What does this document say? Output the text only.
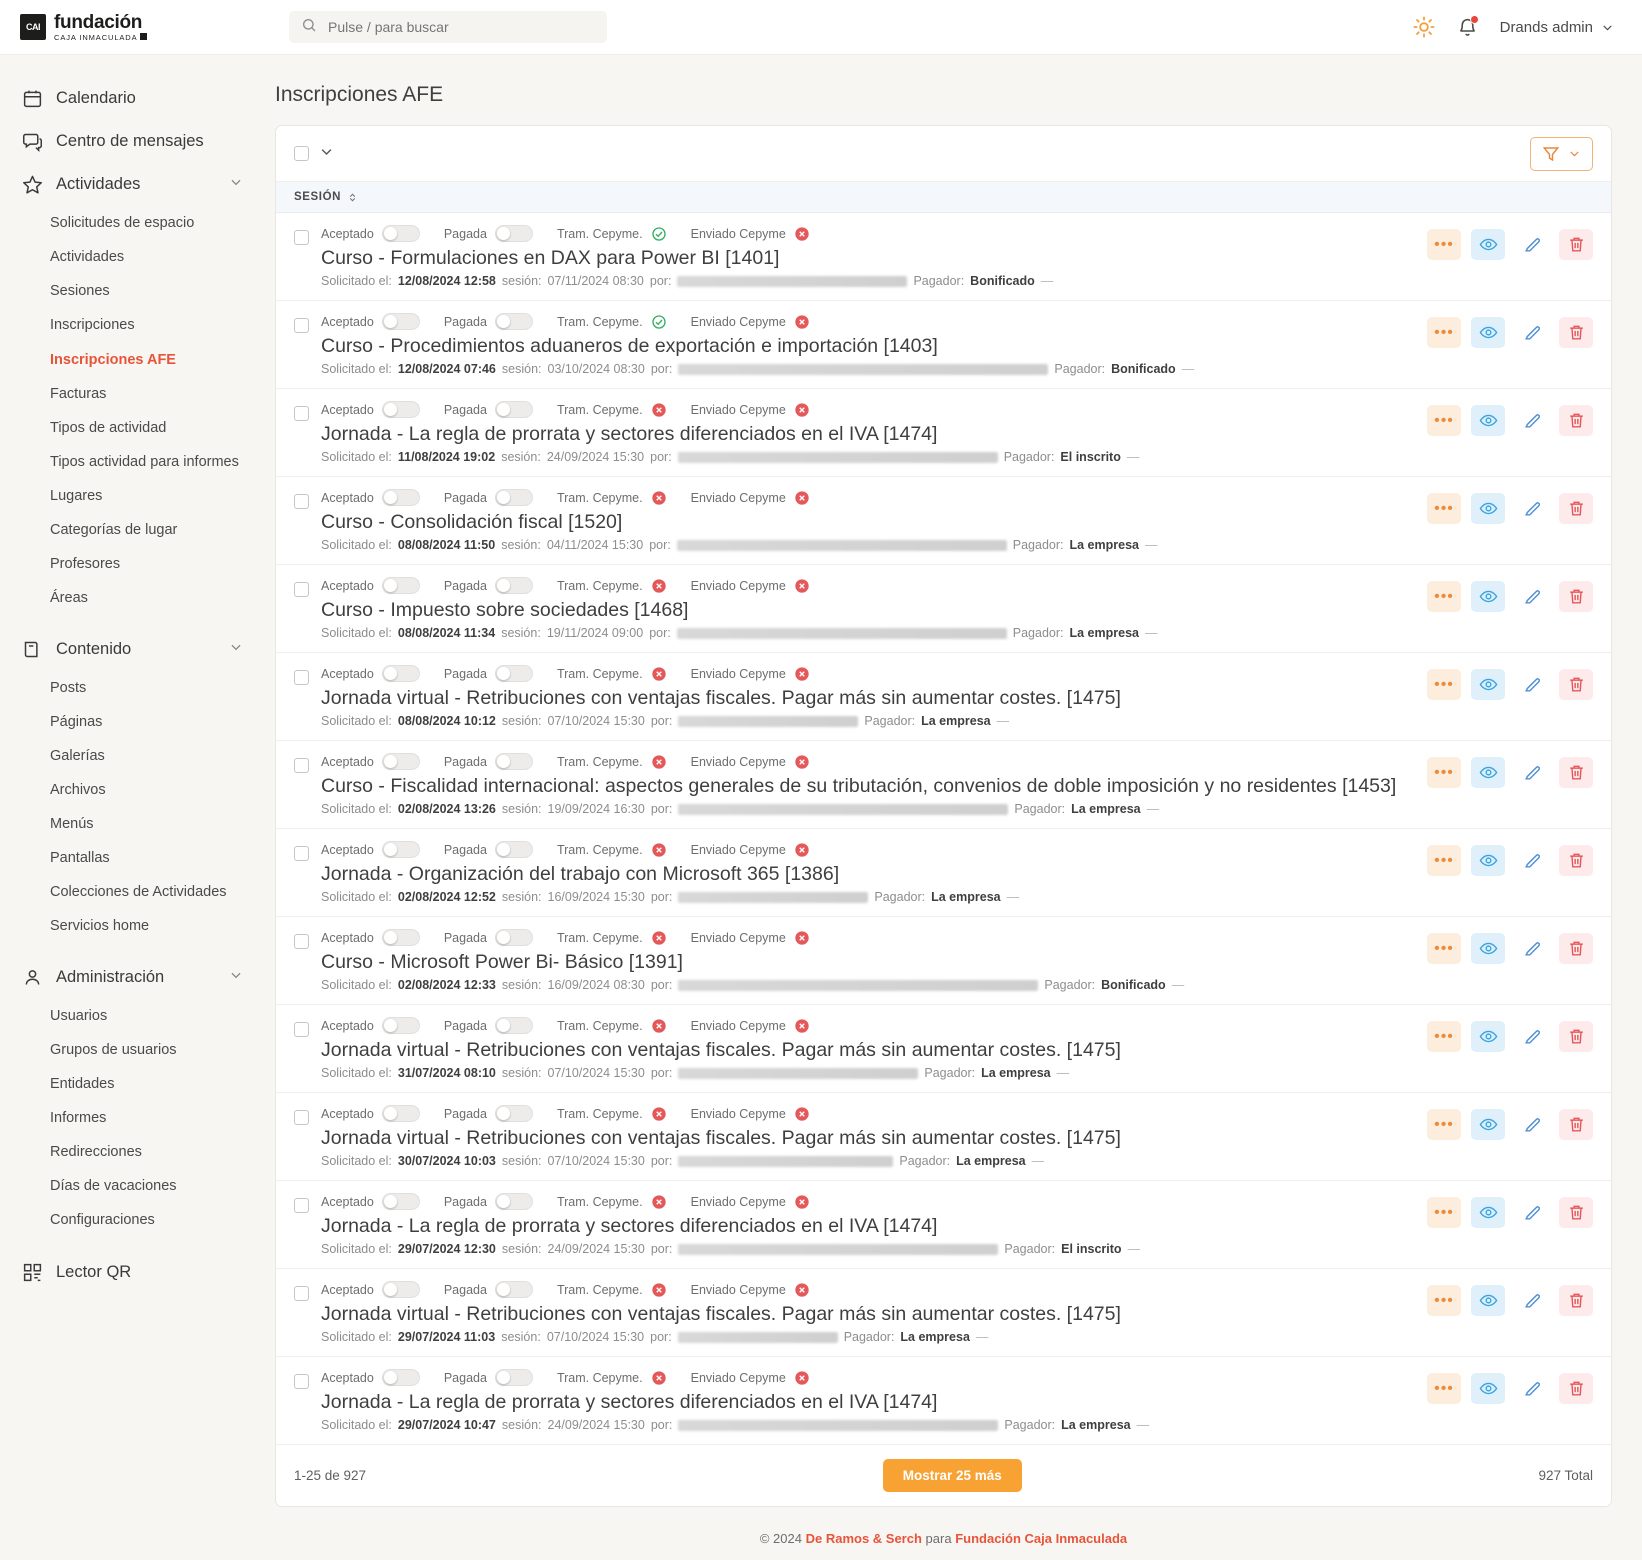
CAI fundación
CAJA INMACULADA
Pulse / para buscar
Drands admin
Calendario
Centro de mensajes
Actividades
Solicitudes de espacio
Actividades
Sesiones
Inscripciones
Inscripciones AFE
Facturas
Tipos de actividad
Tipos actividad para informes
Lugares
Categorías de lugar
Profesores
Áreas
Contenido
Posts
Páginas
Galerías
Archivos
Menús
Pantallas
Colecciones de Actividades
Servicios home
Administración
Usuarios
Grupos de usuarios
Entidades
Informes
Redirecciones
Días de vacaciones
Configuraciones
Lector QR
Inscripciones AFE
SESIÓN
Aceptado	Pagada	Tram. Cepyme.	Enviado Cepyme
Curso - Formulaciones en DAX para Power BI [1401]
Solicitado el: 12/08/2024 12:58 sesión: 07/11/2024 08:30 por:	Pagador: Bonificado —
•••
Aceptado	Pagada	Tram. Cepyme.	Enviado Cepyme
Curso - Procedimientos aduaneros de exportación e importación [1403]
Solicitado el: 12/08/2024 07:46 sesión: 03/10/2024 08:30 por:	Pagador: Bonificado —
•••
Aceptado	Pagada	Tram. Cepyme.	Enviado Cepyme
Jornada - La regla de prorrata y sectores diferenciados en el IVA [1474]
Solicitado el: 11/08/2024 19:02 sesión: 24/09/2024 15:30 por:	Pagador: El inscrito —
•••
Aceptado	Pagada	Tram. Cepyme.	Enviado Cepyme
Curso - Consolidación fiscal [1520]
Solicitado el: 08/08/2024 11:50 sesión: 04/11/2024 15:30 por:	Pagador: La empresa —
•••
Aceptado	Pagada	Tram. Cepyme.	Enviado Cepyme
Curso - Impuesto sobre sociedades [1468]
Solicitado el: 08/08/2024 11:34 sesión: 19/11/2024 09:00 por:	Pagador: La empresa —
•••
Aceptado	Pagada	Tram. Cepyme.	Enviado Cepyme
Jornada virtual - Retribuciones con ventajas fiscales. Pagar más sin aumentar costes. [1475]
Solicitado el: 08/08/2024 10:12 sesión: 07/10/2024 15:30 por:	Pagador: La empresa —
•••
Aceptado	Pagada	Tram. Cepyme.	Enviado Cepyme
Curso - Fiscalidad internacional: aspectos generales de su tributación, convenios de doble imposición y no residentes [1453]
Solicitado el: 02/08/2024 13:26 sesión: 19/09/2024 16:30 por:	Pagador: La empresa —
•••
Aceptado	Pagada	Tram. Cepyme.	Enviado Cepyme
Jornada - Organización del trabajo con Microsoft 365 [1386]
Solicitado el: 02/08/2024 12:52 sesión: 16/09/2024 15:30 por:	Pagador: La empresa —
•••
Aceptado	Pagada	Tram. Cepyme.	Enviado Cepyme
Curso - Microsoft Power Bi- Básico [1391]
Solicitado el: 02/08/2024 12:33 sesión: 16/09/2024 08:30 por:	Pagador: Bonificado —
•••
Aceptado	Pagada	Tram. Cepyme.	Enviado Cepyme
Jornada virtual - Retribuciones con ventajas fiscales. Pagar más sin aumentar costes. [1475]
Solicitado el: 31/07/2024 08:10 sesión: 07/10/2024 15:30 por:	Pagador: La empresa —
•••
Aceptado	Pagada	Tram. Cepyme.	Enviado Cepyme
Jornada virtual - Retribuciones con ventajas fiscales. Pagar más sin aumentar costes. [1475]
Solicitado el: 30/07/2024 10:03 sesión: 07/10/2024 15:30 por:	Pagador: La empresa —
•••
Aceptado	Pagada	Tram. Cepyme.	Enviado Cepyme
Jornada - La regla de prorrata y sectores diferenciados en el IVA [1474]
Solicitado el: 29/07/2024 12:30 sesión: 24/09/2024 15:30 por:	Pagador: El inscrito —
•••
Aceptado	Pagada	Tram. Cepyme.	Enviado Cepyme
Jornada virtual - Retribuciones con ventajas fiscales. Pagar más sin aumentar costes. [1475]
Solicitado el: 29/07/2024 11:03 sesión: 07/10/2024 15:30 por:	Pagador: La empresa —
•••
Aceptado	Pagada	Tram. Cepyme.	Enviado Cepyme
Jornada - La regla de prorrata y sectores diferenciados en el IVA [1474]
Solicitado el: 29/07/2024 10:47 sesión: 24/09/2024 15:30 por:	Pagador: La empresa —
•••
1-25 de 927	Mostrar 25 más	927 Total
© 2024 De Ramos & Serch para Fundación Caja Inmaculada
